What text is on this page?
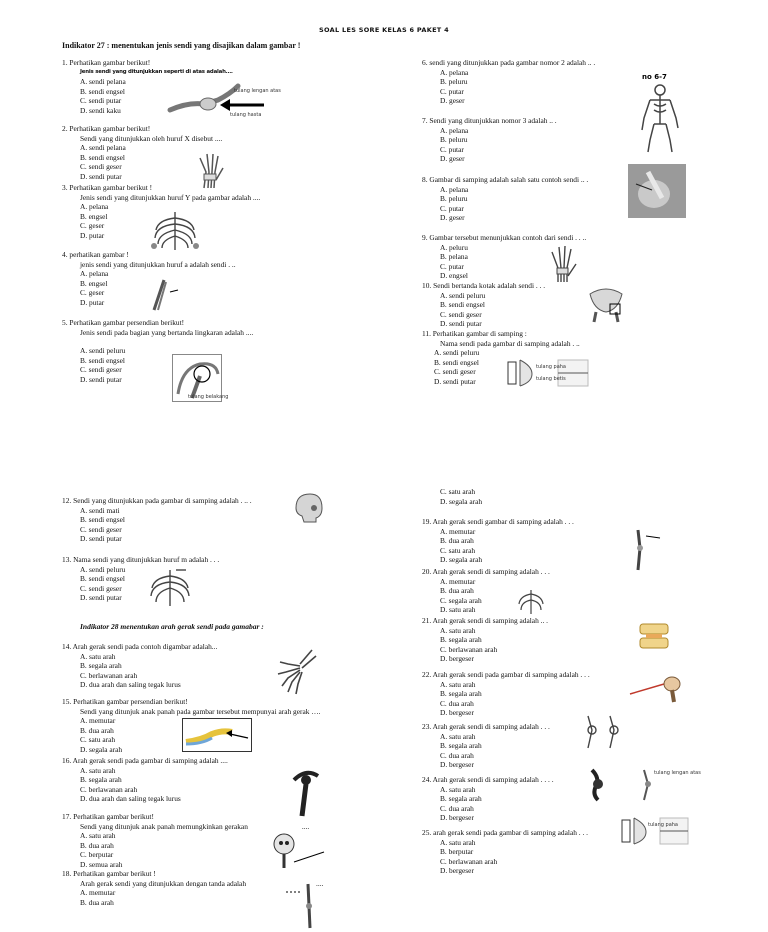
SOAL LES SORE KELAS 6 PAKET 4
Indikator 27 : menentukan jenis sendi yang disajikan dalam gambar !
1. Perhatikan gambar berikut!
Jenis sendi yang ditunjukkan seperti di atas adalah….
A. sendi pelana
B. sendi engsel
C. sendi putar
D. sendi kaku
tulang lengan atas
tulang hasta
2. Perhatikan gambar berikut!
Sendi yang ditunjukkan oleh huruf X disebut ....
A. sendi pelana
B. sendi engsel
C. sendi geser
D. sendi putar
3. Perhatikan gambar berikut !
Jenis sendi yang ditunjukkan huruf Y pada gambar adalah ....
A. pelana
B. engsel
C. geser
D. putar
4. perhatikan gambar !
jenis sendi yang ditunjukkan huruf a adalah sendi . ..
A. pelana
B. engsel
C. geser
D. putar
5. Perhatikan gambar persendian berikut!
Jenis sendi pada bagian yang bertanda lingkaran adalah ....
A. sendi peluru
B. sendi engsel
C. sendi geser
D. sendi putar
tulang belakang
6. sendi yang ditunjukkan pada gambar nomor 2 adalah .. .
A. pelana
B. peluru
C. putar
D. geser
no 6-7
7. Sendi yang ditunjukkan nomor 3 adalah .. .
A. pelana
B. peluru
C. putar
D. geser
8. Gambar di samping adalah salah satu contoh sendi .. .
A. pelana
B. peluru
C. putar
D. geser
9. Gambar tersebut menunjukkan contoh dari sendi . . ..
A. peluru
B. pelana
C. putar
D. engsel
10. Sendi bertanda kotak adalah sendi . . .
A. sendi peluru
B. sendi engsel
C. sendi geser
D. sendi putar
11. Perhatikan gambar di samping :
Nama sendi pada gambar di samping adalah . ..
A. sendi peluru
B. sendi engsel
C. sendi geser
D. sendi putar
tulang paha
tulang betis
12. Sendi yang ditunjukkan pada gambar di samping adalah . .. .
A. sendi mati
B. sendi engsel
C. sendi geser
D. sendi putar
13. Nama sendi yang ditunjukkan huruf m adalah . . .
A. sendi peluru
B. sendi engsel
C. sendi geser
D. sendi putar
Indikator 28 menentukan arah gerak sendi pada gamabar :
14. Arah gerak sendi pada contoh digambar adalah...
A. satu arah
B. segala arah
C. berlawanan arah
D. dua arah dan saling tegak lurus
15. Perhatikan gambar persendian berikut!
Sendi yang ditunjuk anak panah pada gambar tersebut mempunyai arah gerak ….
A. memutar
B. dua arah
C. satu arah
D. segala arah
16. Arah gerak sendi pada gambar di samping adalah ....
A. satu arah
B. segala arah
C. berlawanan arah
D. dua arah dan saling tegak lurus
17. Perhatikan gambar berikut!
Sendi yang ditunjuk anak panah memungkinkan gerakan	....
A. satu arah
B. dua arah
C. berputar
D. semua arah
18. Perhatikan gambar berikut !
Arah gerak sendi yang ditunjukkan dengan tanda adalah	....
A. memutar
B. dua arah
C. satu arah
D. segala arah
19. Arah gerak sendi gambar di samping adalah . . .
A. memutar
B. dua arah
C. satu arah
D. segala arah
20. Arah gerak sendi di samping adalah . . .
A. memutar
B. dua arah
C. segala arah
D. satu arah
21. Arah gerak sendi di samping adalah .. .
A. satu arah
B. segala arah
C. berlawanan arah
D. bergeser
22. Arah gerak sendi pada gambar di samping adalah . . .
A. satu arah
B. segala arah
C. dua arah
D. bergeser
23. Arah gerak sendi di samping adalah . . .
A. satu arah
B. segala arah
C. dua arah
D. bergeser
24. Arah gerak sendi di samping adalah . . . .
A. satu arah
B. segala arah
C. dua arah
D. bergeser
tulang lengan atas
25. arah gerak sendi pada gambar di samping adalah . . .
A. satu arah
B. berputar
C. berlawanan arah
D. bergeser
tulang paha
